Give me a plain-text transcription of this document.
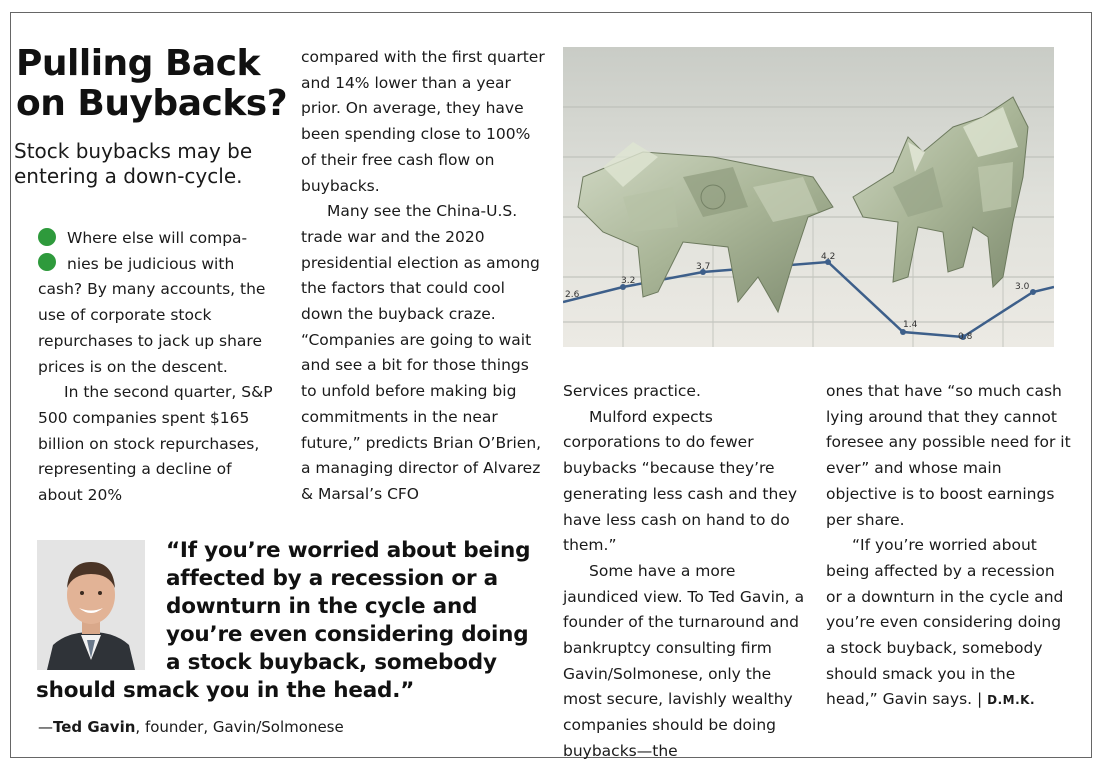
Pulling Back
on Buybacks?
Stock buybacks may be entering a down-cycle.

Where else will compa-

nies be judicious with

cash? By many accounts, the use of corporate stock repurchases to jack up share prices is on the descent.

In the second quarter, S&P 500 companies spent $165 billion on stock repurchases, representing a decline of about 20%

compared with the first quarter and 14% lower than a year prior. On average, they have been spending close to 100% of their free cash flow on buybacks.

Many see the China-U.S. trade war and the 2020 presidential election as among the factors that could cool down the buyback craze. “Companies are going to wait and see a bit for those things to unfold before making big commitments in the near future,” predicts Brian O’Brien, a managing director of Alvarez & Marsal’s CFO

2.6
3.2
3.7
4.2
1.4
0.8
3.0

Services practice.

Mulford expects corporations to do fewer buybacks “because they’re generating less cash and they have less cash on hand to do them.”

Some have a more jaundiced view. To Ted Gavin, a founder of the turnaround and bankruptcy consulting firm Gavin/Solmonese, only the most secure, lavishly wealthy companies should be doing buybacks—the

ones that have “so much cash lying around that they cannot foresee any possible need for it ever” and whose main objective is to boost earnings per share.

“If you’re worried about being affected by a recession or a downturn in the cycle and you’re even considering doing a stock buyback, somebody should smack you in the head,” Gavin says. | D.M.K.

“If you’re worried about being affected by a recession or a downturn in the cycle and you’re even considering doing a stock buyback, somebody should smack you in the head.”

—Ted Gavin, founder, Gavin/Solmonese
